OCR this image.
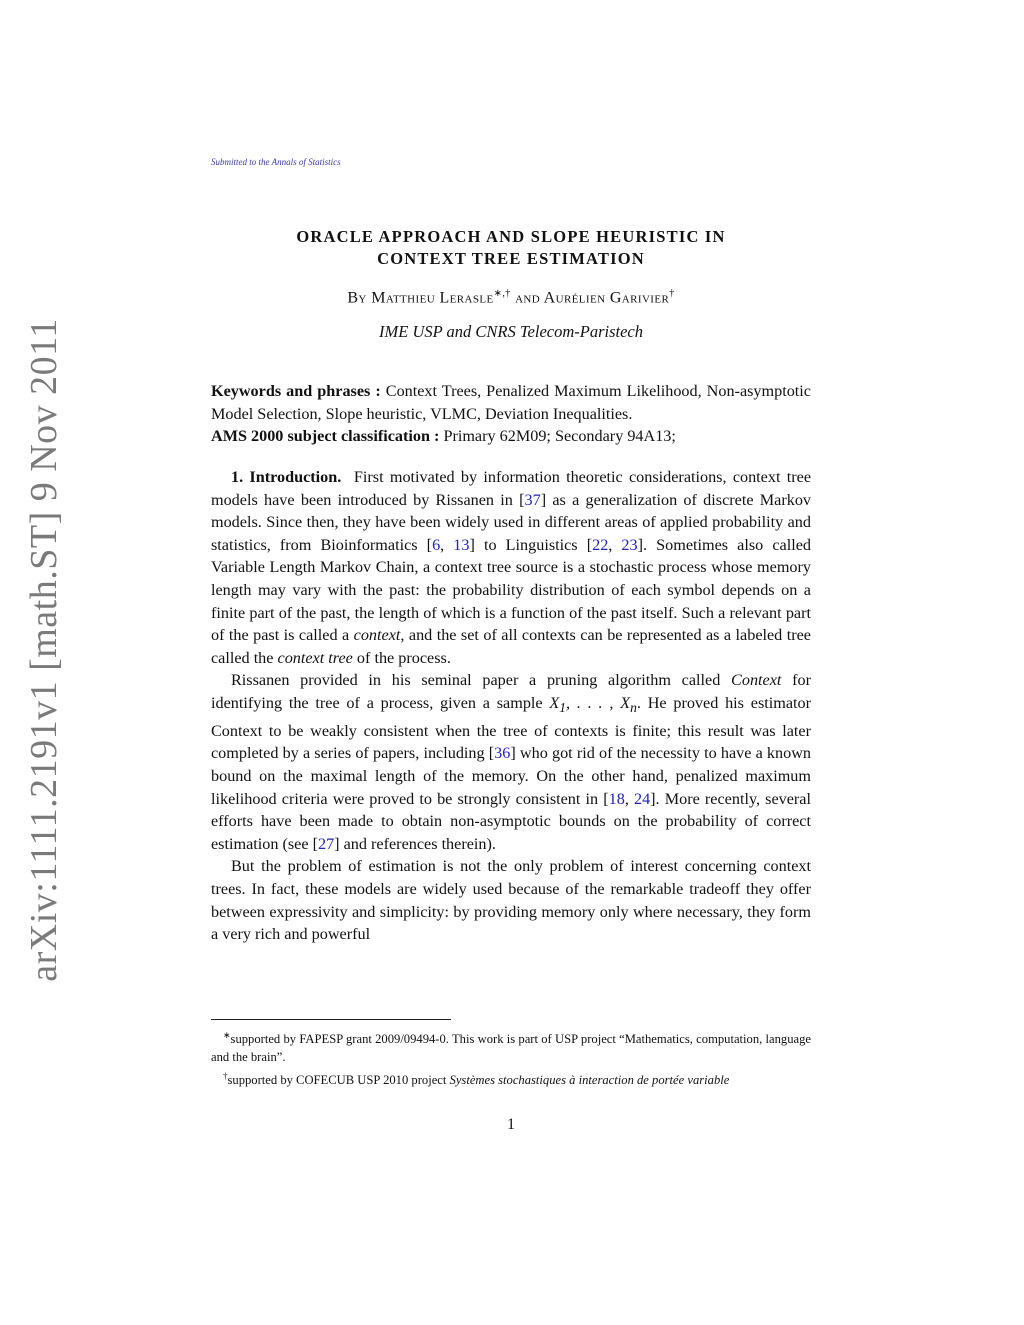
arXiv:1111.2191v1 [math.ST] 9 Nov 2011
Submitted to the Annals of Statistics
ORACLE APPROACH AND SLOPE HEURISTIC IN
CONTEXT TREE ESTIMATION
By Matthieu Lerasle∗,† and Aurélien Garivier†
IME USP and CNRS Telecom-Paristech

Keywords and phrases : Context Trees, Penalized Maximum Likelihood, Non-asymptotic Model Selection, Slope heuristic, VLMC, Deviation Inequalities.

AMS 2000 subject classification : Primary 62M09; Secondary 94A13;

1. Introduction. First motivated by information theoretic considerations, context tree models have been introduced by Rissanen in [37] as a generalization of discrete Markov models. Since then, they have been widely used in different areas of applied probability and statistics, from Bioinformatics [6, 13] to Linguistics [22, 23]. Sometimes also called Variable Length Markov Chain, a context tree source is a stochastic process whose memory length may vary with the past: the probability distribution of each symbol depends on a finite part of the past, the length of which is a function of the past itself. Such a relevant part of the past is called a context, and the set of all contexts can be represented as a labeled tree called the context tree of the process.

Rissanen provided in his seminal paper a pruning algorithm called Context for identifying the tree of a process, given a sample $X_1$, . . . , $X_n$. He proved his estimator Context to be weakly consistent when the tree of contexts is finite; this result was later completed by a series of papers, including [36] who got rid of the necessity to have a known bound on the maximal length of the memory. On the other hand, penalized maximum likelihood criteria were proved to be strongly consistent in [18, 24]. More recently, several efforts have been made to obtain non-asymptotic bounds on the probability of correct estimation (see [27] and references therein).

But the problem of estimation is not the only problem of interest concerning context trees. In fact, these models are widely used because of the remarkable tradeoff they offer between expressivity and simplicity: by providing memory only where necessary, they form a very rich and powerful

∗supported by FAPESP grant 2009/09494-0. This work is part of USP project “Mathematics, computation, language and the brain”.

†supported by COFECUB USP 2010 project Systèmes stochastiques à interaction de portée variable

1
